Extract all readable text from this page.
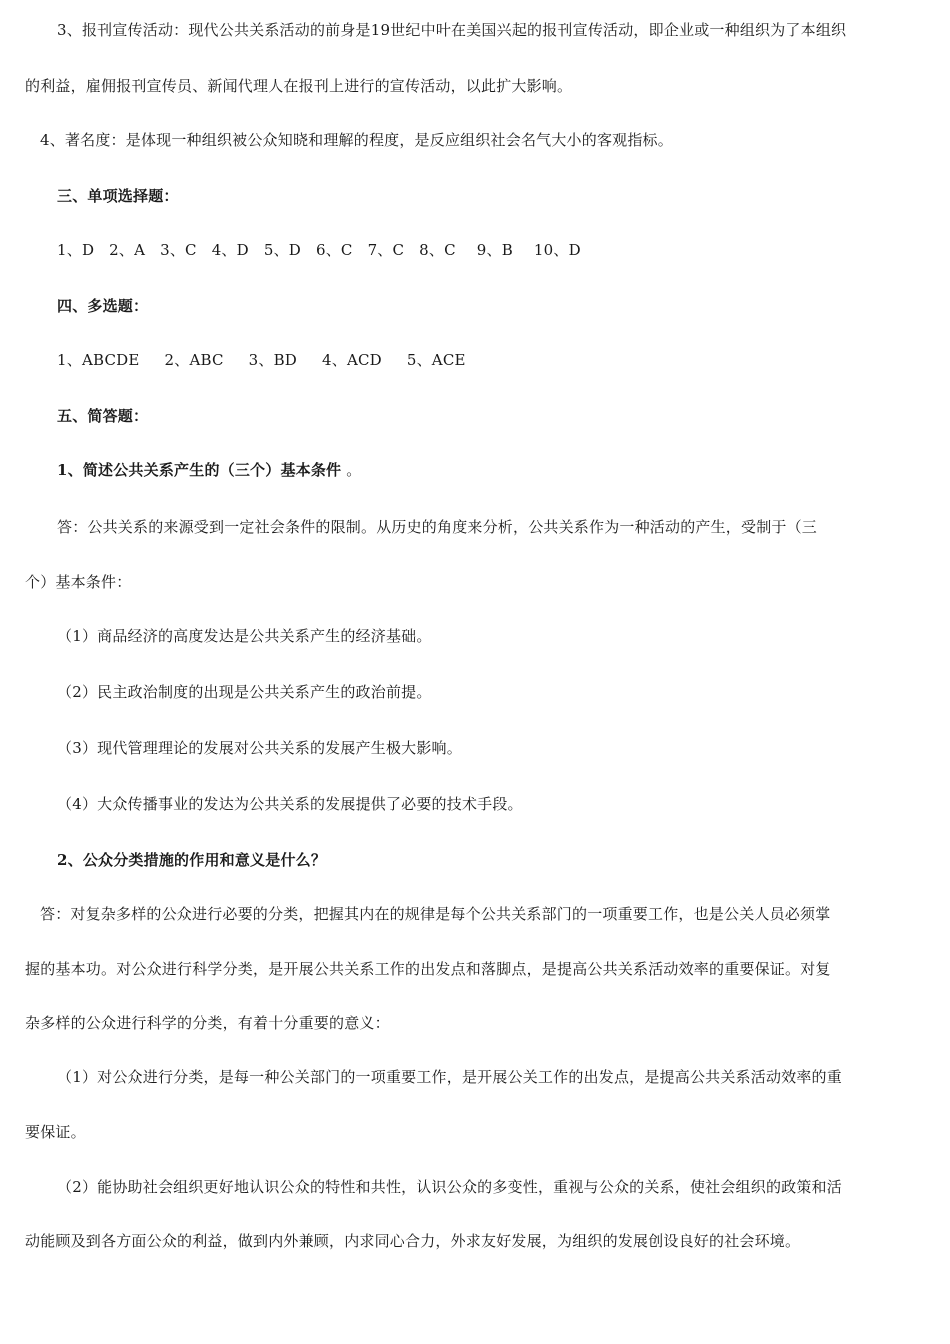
3、报刊宣传活动：现代公共关系活动的前身是19世纪中叶在美国兴起的报刊宣传活动，即企业或一种组织为了本组织
的利益，雇佣报刊宣传员、新闻代理人在报刊上进行的宣传活动，以此扩大影响。
4、著名度：是体现一种组织被公众知晓和理解的程度，是反应组织社会名气大小的客观指标。
三、单项选择题：
1、D 2、A 3、C 4、D 5、D 6、C 7、C 8、C 9、B 10、D
四、多选题：
1、ABCDE 2、ABC 3、BD 4、ACD 5、ACE
五、简答题：
1、简述公共关系产生的（三个）基本条件 。
答：公共关系的来源受到一定社会条件的限制。从历史的角度来分析，公共关系作为一种活动的产生，受制于（三
个）基本条件：
（1）商品经济的高度发达是公共关系产生的经济基础。
（2）民主政治制度的出现是公共关系产生的政治前提。
（3）现代管理理论的发展对公共关系的发展产生极大影响。
（4）大众传播事业的发达为公共关系的发展提供了必要的技术手段。
2、公众分类措施的作用和意义是什么？
答：对复杂多样的公众进行必要的分类，把握其内在的规律是每个公共关系部门的一项重要工作，也是公关人员必须掌
握的基本功。对公众进行科学分类，是开展公共关系工作的出发点和落脚点，是提高公共关系活动效率的重要保证。对复
杂多样的公众进行科学的分类，有着十分重要的意义：
（1）对公众进行分类，是每一种公关部门的一项重要工作，是开展公关工作的出发点，是提高公共关系活动效率的重
要保证。
（2）能协助社会组织更好地认识公众的特性和共性，认识公众的多变性，重视与公众的关系，使社会组织的政策和活
动能顾及到各方面公众的利益，做到内外兼顾，内求同心合力，外求友好发展，为组织的发展创设良好的社会环境。
